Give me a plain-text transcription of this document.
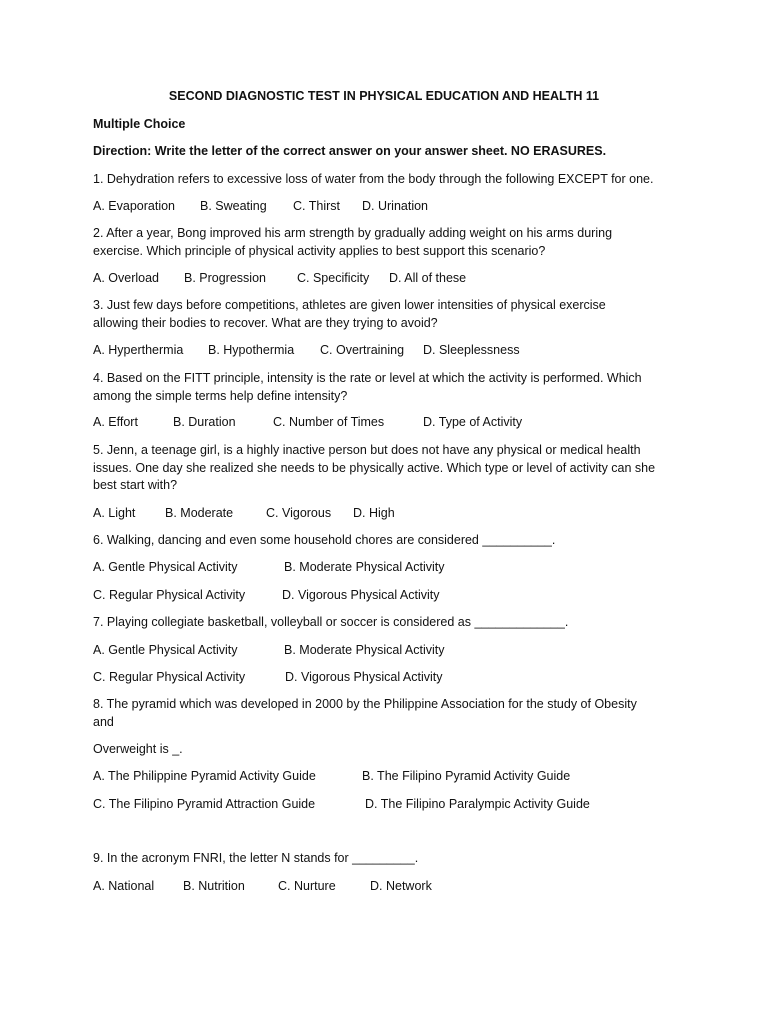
SECOND DIAGNOSTIC TEST IN PHYSICAL EDUCATION AND HEALTH 11
Multiple Choice
Direction: Write the letter of the correct answer on your answer sheet. NO ERASURES.
1. Dehydration refers to excessive loss of water from the body through the following EXCEPT for one.
A. Evaporation B. Sweating C. Thirst D. Urination
2. After a year, Bong improved his arm strength by gradually adding weight on his arms during
exercise. Which principle of physical activity applies to best support this scenario?
A. Overload B. Progression C. Specificity D. All of these
3. Just few days before competitions, athletes are given lower intensities of physical exercise
allowing their bodies to recover. What are they trying to avoid?
A. Hyperthermia B. Hypothermia C. Overtraining D. Sleeplessness
4. Based on the FITT principle, intensity is the rate or level at which the activity is performed. Which
among the simple terms help define intensity?
A. Effort	B. Duration	C. Number of Times	D. Type of Activity
5. Jenn, a teenage girl, is a highly inactive person but does not have any physical or medical health
issues. One day she realized she needs to be physically active. Which type or level of activity can she
best start with?
A. Light B. Moderate	C. Vigorous D. High
6. Walking, dancing and even some household chores are considered __________.
A. Gentle Physical Activity	B. Moderate Physical Activity
C. Regular Physical Activity	D. Vigorous Physical Activity
7. Playing collegiate basketball, volleyball or soccer is considered as _____________.
A. Gentle Physical Activity	B. Moderate Physical Activity
C. Regular Physical Activity	D. Vigorous Physical Activity
8. The pyramid which was developed in 2000 by the Philippine Association for the study of Obesity
and
Overweight is _.
A. The Philippine Pyramid Activity Guide	B. The Filipino Pyramid Activity Guide
C. The Filipino Pyramid Attraction Guide	D. The Filipino Paralympic Activity Guide
9. In the acronym FNRI, the letter N stands for _________.
A. National B. Nutrition	C. Nurture	D. Network
